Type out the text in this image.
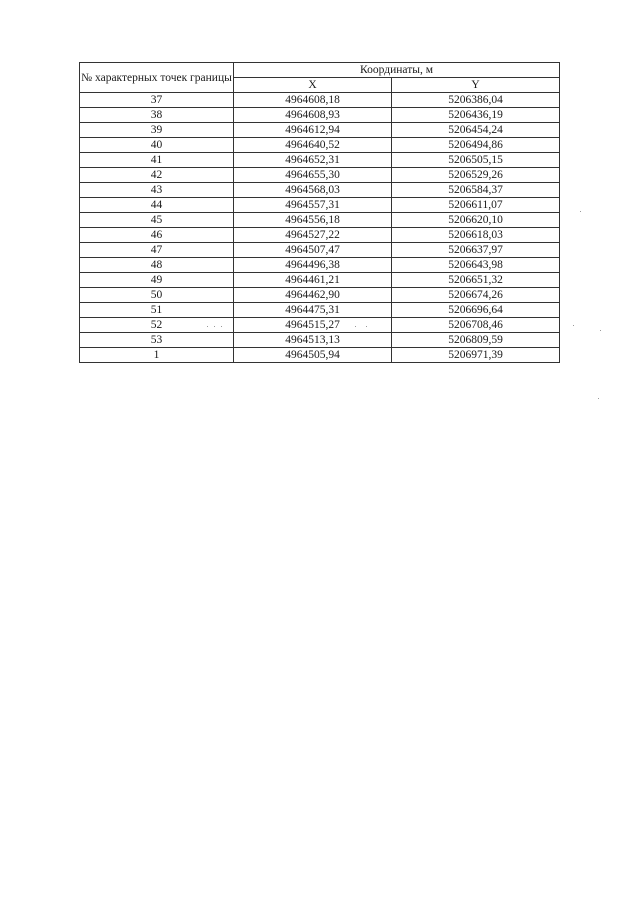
№ характерных точек границы	Координаты, м	
	X	Y
37	4964608,18	5206386,04
38	4964608,93	5206436,19
39	4964612,94	5206454,24
40	4964640,52	5206494,86
41	4964652,31	5206505,15
42	4964655,30	5206529,26
43	4964568,03	5206584,37
44	4964557,31	5206611,07
45	4964556,18	5206620,10
46	4964527,22	5206618,03
47	4964507,47	5206637,97
48	4964496,38	5206643,98
49	4964461,21	5206651,32
50	4964462,90	5206674,26
51	4964475,31	5206696,64
52	4964515,27	5206708,46
53	4964513,13	5206809,59
1	4964505,94	5206971,39
